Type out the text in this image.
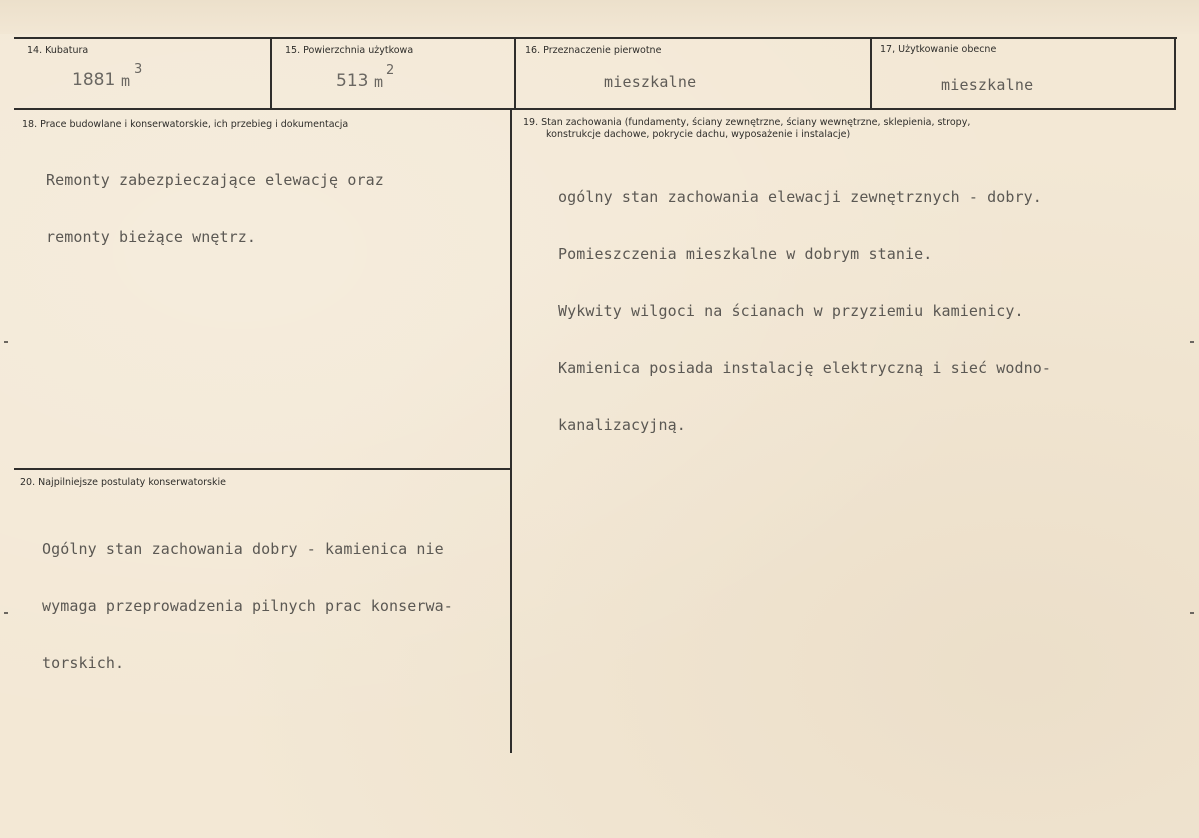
14. Kubatura
1881 m
3
15. Powierzchnia użytkowa
513 m
2
16. Przeznaczenie pierwotne
mieszkalne
17, Użytkowanie obecne
mieszkalne
18. Prace budowlane i konserwatorskie, ich przebieg i dokumentacja

Remonty zabezpieczające elewację oraz

remonty bieżące wnętrz.

19. Stan zachowania (fundamenty, ściany zewnętrzne, ściany wewnętrzne, sklepienia, stropy,
konstrukcje dachowe, pokrycie dachu, wyposażenie i instalacje)

ogólny stan zachowania elewacji zewnętrznych - dobry.

Pomieszczenia mieszkalne w dobrym stanie.

Wykwity wilgoci na ścianach w przyziemiu kamienicy.

Kamienica posiada instalację elektryczną i sieć wodno-

kanalizacyjną.

20. Najpilniejsze postulaty konserwatorskie

Ogólny stan zachowania dobry - kamienica nie

wymaga przeprowadzenia pilnych prac konserwa-

torskich.
